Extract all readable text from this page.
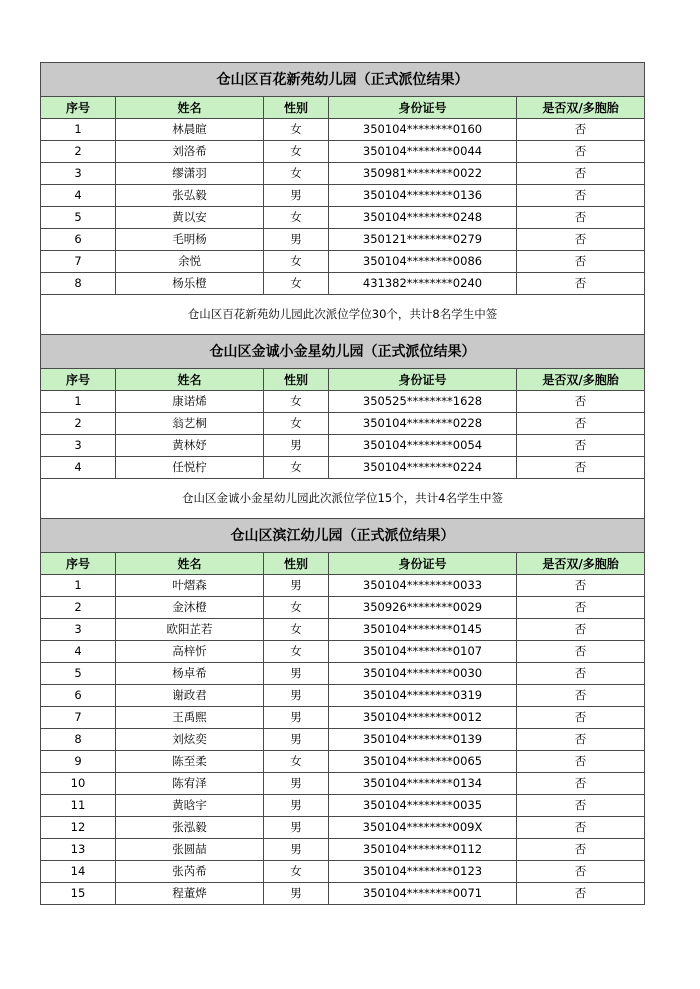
仓山区百花新苑幼儿园（正式派位结果）				
序号	姓名	性别	身份证号	是否双/多胞胎
1	林晨暄	女	350104********0160	否
2	刘洛希	女	350104********0044	否
3	缪潇羽	女	350981********0022	否
4	张弘毅	男	350104********0136	否
5	黄以安	女	350104********0248	否
6	毛明杨	男	350121********0279	否
7	余悦	女	350104********0086	否
8	杨乐橙	女	431382********0240	否
仓山区百花新苑幼儿园此次派位学位30个，共计8名学生中签				
仓山区金诚小金星幼儿园（正式派位结果）				
序号	姓名	性别	身份证号	是否双/多胞胎
1	康诺烯	女	350525********1628	否
2	翁艺桐	女	350104********0228	否
3	黄林妤	男	350104********0054	否
4	任悦柠	女	350104********0224	否
仓山区金诚小金星幼儿园此次派位学位15个，共计4名学生中签				
仓山区滨江幼儿园（正式派位结果）				
序号	姓名	性别	身份证号	是否双/多胞胎
1	叶熠森	男	350104********0033	否
2	金沐橙	女	350926********0029	否
3	欧阳芷若	女	350104********0145	否
4	高梓忻	女	350104********0107	否
5	杨卓希	男	350104********0030	否
6	谢政君	男	350104********0319	否
7	王禹熙	男	350104********0012	否
8	刘炫奕	男	350104********0139	否
9	陈至柔	女	350104********0065	否
10	陈宥泽	男	350104********0134	否
11	黄晗宇	男	350104********0035	否
12	张泓毅	男	350104********009X	否
13	张圆喆	男	350104********0112	否
14	张芮希	女	350104********0123	否
15	程董烨	男	350104********0071	否
